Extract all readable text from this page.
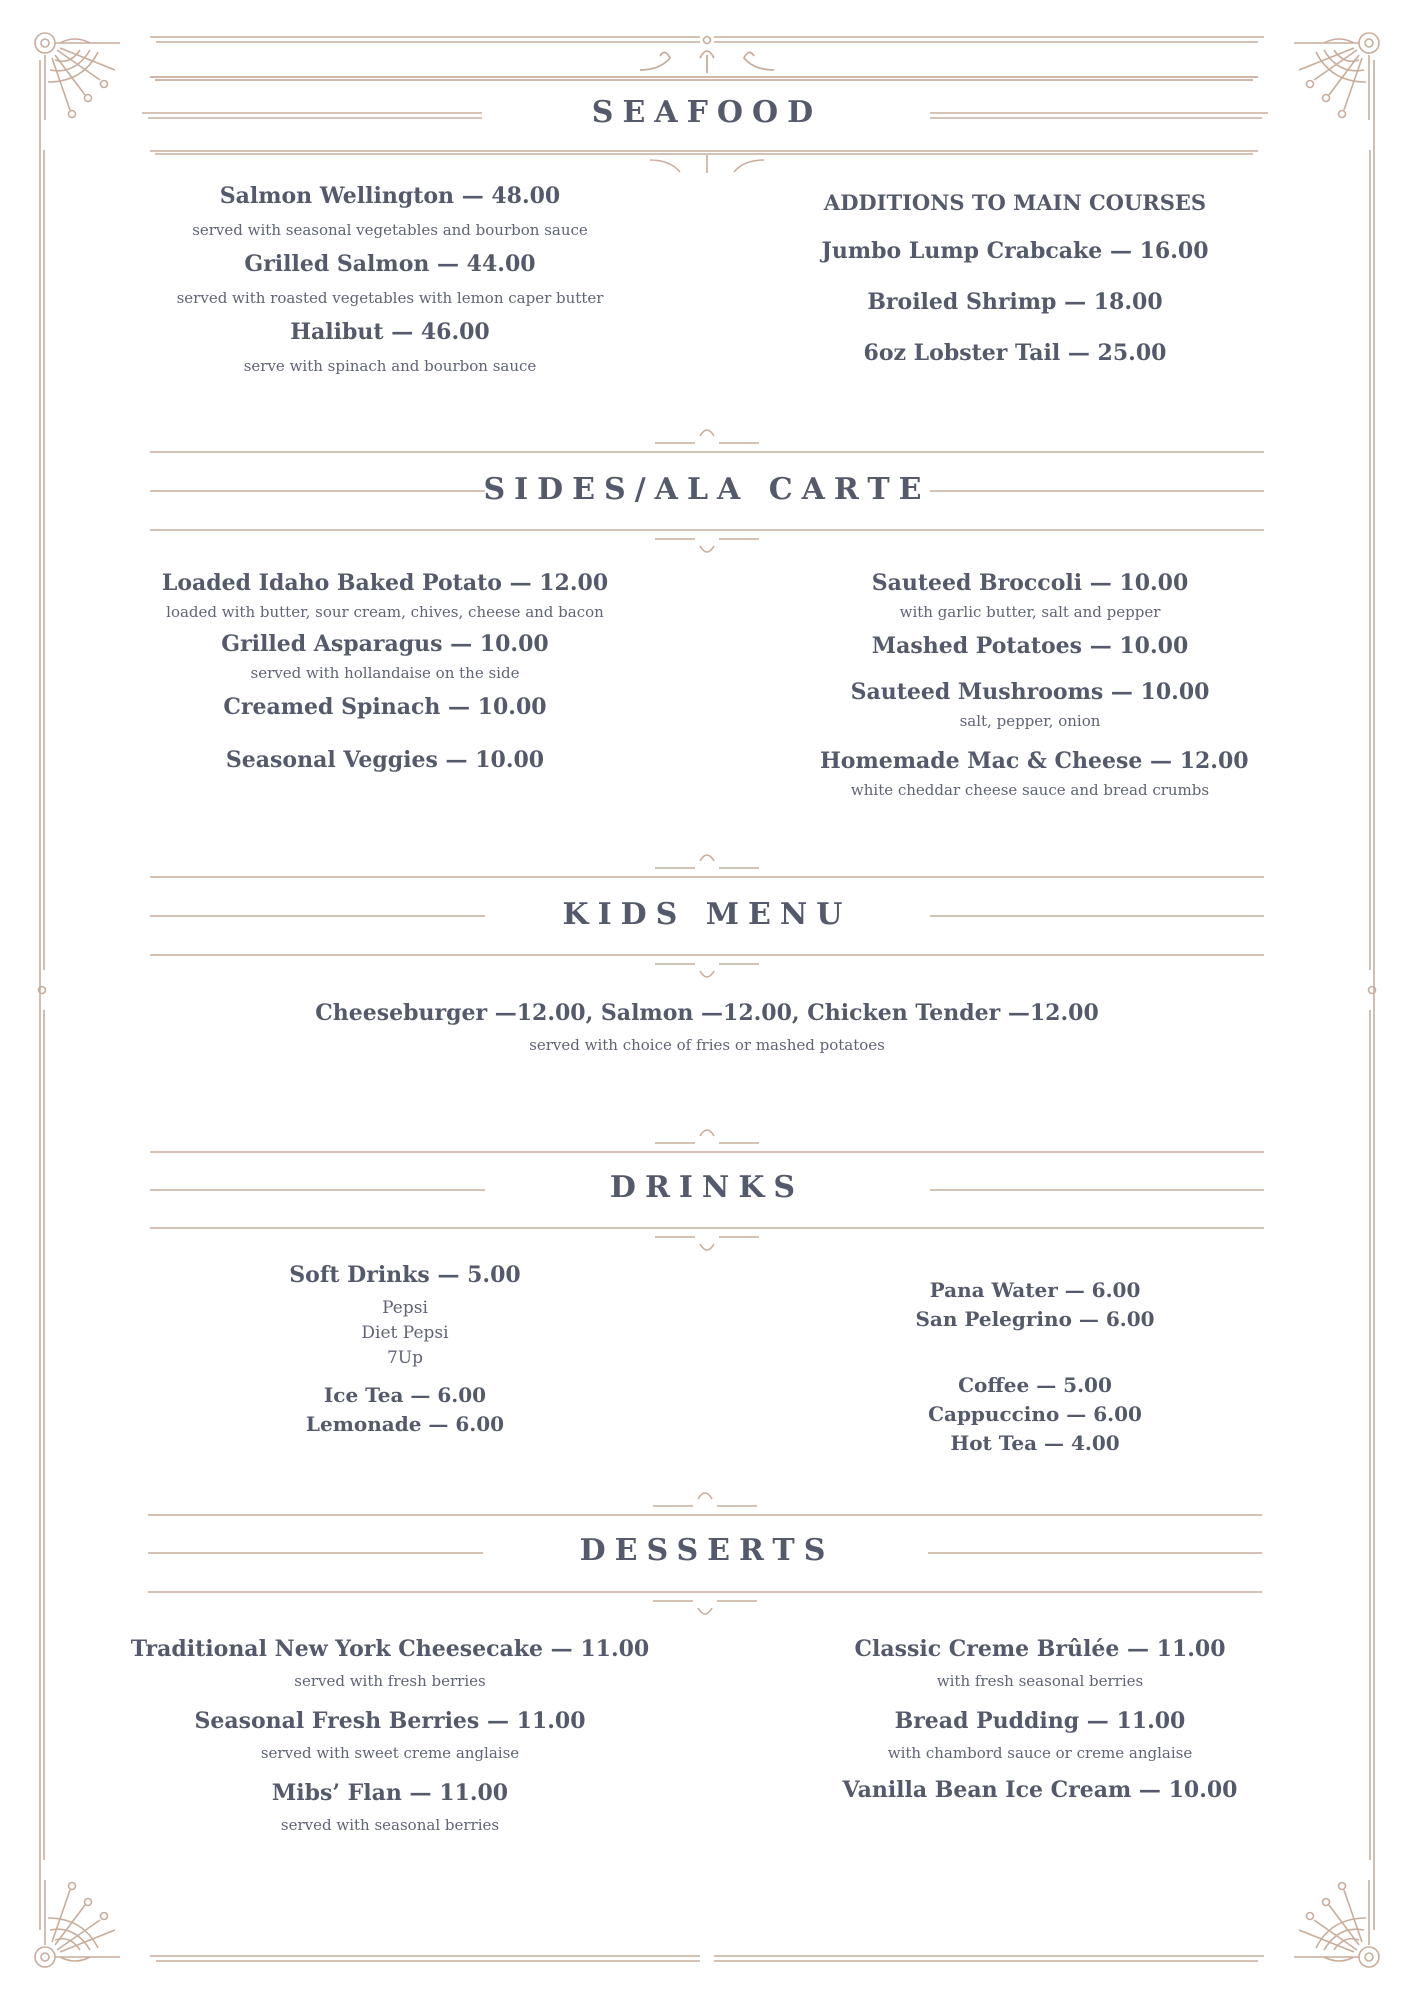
SEAFOOD
Salmon Wellington — 48.00
served with seasonal vegetables and bourbon sauce
Grilled Salmon — 44.00
served with roasted vegetables with lemon caper butter
Halibut — 46.00
serve with spinach and bourbon sauce
ADDITIONS TO MAIN COURSES
Jumbo Lump Crabcake — 16.00
Broiled Shrimp — 18.00
6oz Lobster Tail — 25.00
SIDES/ALA CARTE
Loaded Idaho Baked Potato — 12.00
loaded with butter, sour cream, chives, cheese and bacon
Grilled Asparagus — 10.00
served with hollandaise on the side
Creamed Spinach — 10.00
Seasonal Veggies — 10.00
Sauteed Broccoli — 10.00
with garlic butter, salt and pepper
Mashed Potatoes — 10.00
Sauteed Mushrooms — 10.00
salt, pepper, onion
Homemade Mac & Cheese — 12.00
white cheddar cheese sauce and bread crumbs
KIDS MENU
Cheeseburger —12.00, Salmon —12.00, Chicken Tender —12.00
served with choice of fries or mashed potatoes
DRINKS
Soft Drinks — 5.00
Pepsi
Diet Pepsi
7Up
Ice Tea — 6.00
Lemonade — 6.00
Pana Water — 6.00
San Pelegrino — 6.00
Coffee — 5.00
Cappuccino — 6.00
Hot Tea — 4.00
DESSERTS
Traditional New York Cheesecake — 11.00
served with fresh berries
Seasonal Fresh Berries — 11.00
served with sweet creme anglaise
Mibs’ Flan — 11.00
served with seasonal berries
Classic Creme Brûlée — 11.00
with fresh seasonal berries
Bread Pudding — 11.00
with chambord sauce or creme anglaise
Vanilla Bean Ice Cream — 10.00
